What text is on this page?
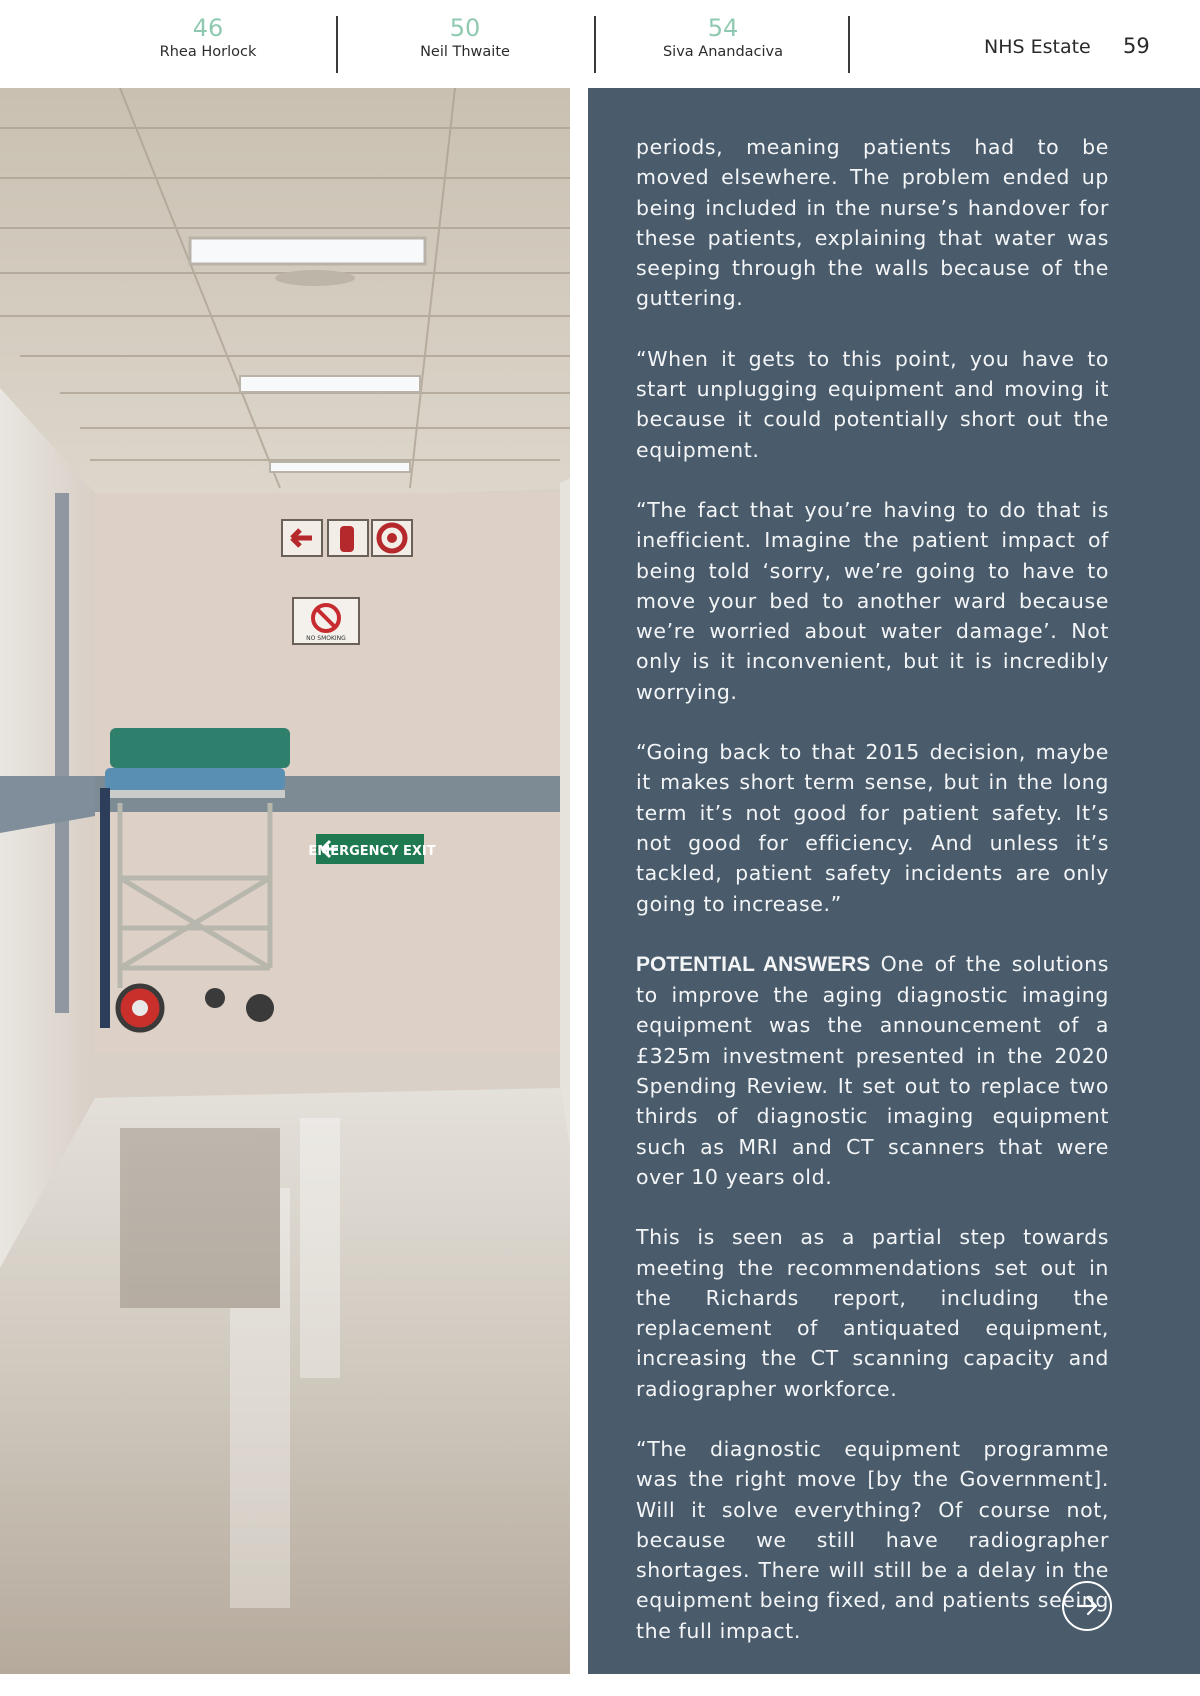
46
Rhea Horlock
50
Neil Thwaite
54
Siva Anandaciva	NHS Estate 59
NO SMOKING
EMERGENCY EXIT

periods, meaning patients had to be moved elsewhere. The problem ended up being included in the nurse’s handover for these patients, explaining that water was seeping through the walls because of the guttering.

“When it gets to this point, you have to start unplugging equipment and moving it because it could potentially short out the equipment.

“The fact that you’re having to do that is inefficient. Imagine the patient impact of being told ‘sorry, we’re going to have to move your bed to another ward because we’re worried about water damage’. Not only is it inconvenient, but it is incredibly worrying.

“Going back to that 2015 decision, maybe it makes short term sense, but in the long term it’s not good for patient safety. It’s not good for efficiency. And unless it’s tackled, patient safety incidents are only going to increase.”

POTENTIAL ANSWERS One of the solutions to improve the aging diagnostic imaging equipment was the announcement of a £325m investment presented in the 2020 Spending Review. It set out to replace two thirds of diagnostic imaging equipment such as MRI and CT scanners that were over 10 years old.

This is seen as a partial step towards meeting the recommendations set out in the Richards report, including the replacement of antiquated equipment, increasing the CT scanning capacity and radiographer workforce.

“The diagnostic equipment programme was the right move [by the Government]. Will it solve everything? Of course not, because we still have radiographer shortages. There will still be a delay in the equipment being fixed, and patients seeing the full impact.
